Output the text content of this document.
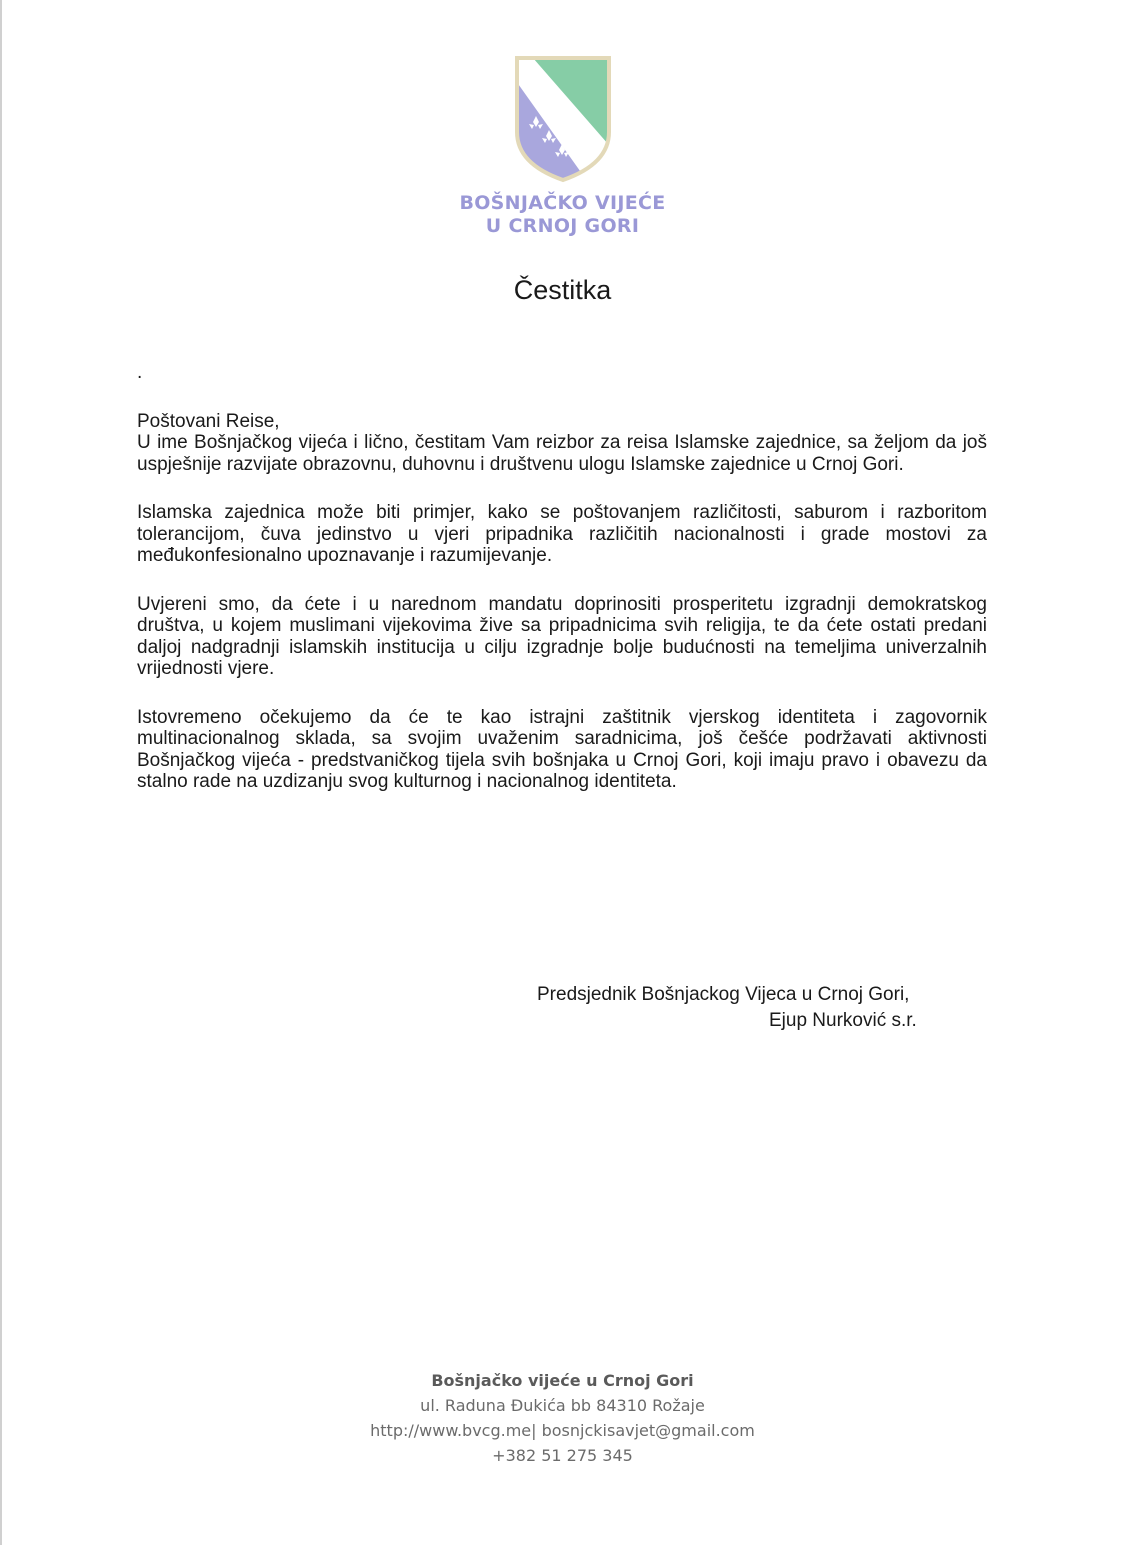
BOŠNJAČKO VIJEĆE
U CRNOJ GORI
Čestitka

.

Poštovani Reise,

U ime Bošnjačkog vijeća i lično, čestitam Vam reizbor za reisa Islamske zajednice, sa željom da još uspješnije razvijate obrazovnu, duhovnu i društvenu ulogu Islamske zajednice u Crnoj Gori.

Islamska zajednica može biti primjer, kako se poštovanjem različitosti, saburom i razboritom tolerancijom, čuva jedinstvo u vjeri pripadnika različitih nacionalnosti i grade mostovi za međukonfesionalno upoznavanje i razumijevanje.

Uvjereni smo, da ćete i u narednom mandatu doprinositi prosperitetu izgradnji demokratskog društva, u kojem muslimani vijekovima žive sa pripadnicima svih religija, te da ćete ostati predani daljoj nadgradnji islamskih institucija u cilju izgradnje bolje budućnosti na temeljima univerzalnih vrijednosti vjere.

Istovremeno očekujemo da će te kao istrajni zaštitnik vjerskog identiteta i zagovornik multinacionalnog sklada, sa svojim uvaženim saradnicima, još češće podržavati aktivnosti Bošnjačkog vijeća - predstvaničkog tijela svih bošnjaka u Crnoj Gori, koji imaju pravo i obavezu da stalno rade na uzdizanju svog kulturnog i nacionalnog identiteta.

Predsjednik Bošnjackog Vijeca u Crnoj Gori,
Ejup Nurković s.r.
Bošnjačko vijeće u Crnoj Gori
ul. Raduna Đukića bb 84310 Rožaje
http://www.bvcg.me| bosnjckisavjet@gmail.com
+382 51 275 345
